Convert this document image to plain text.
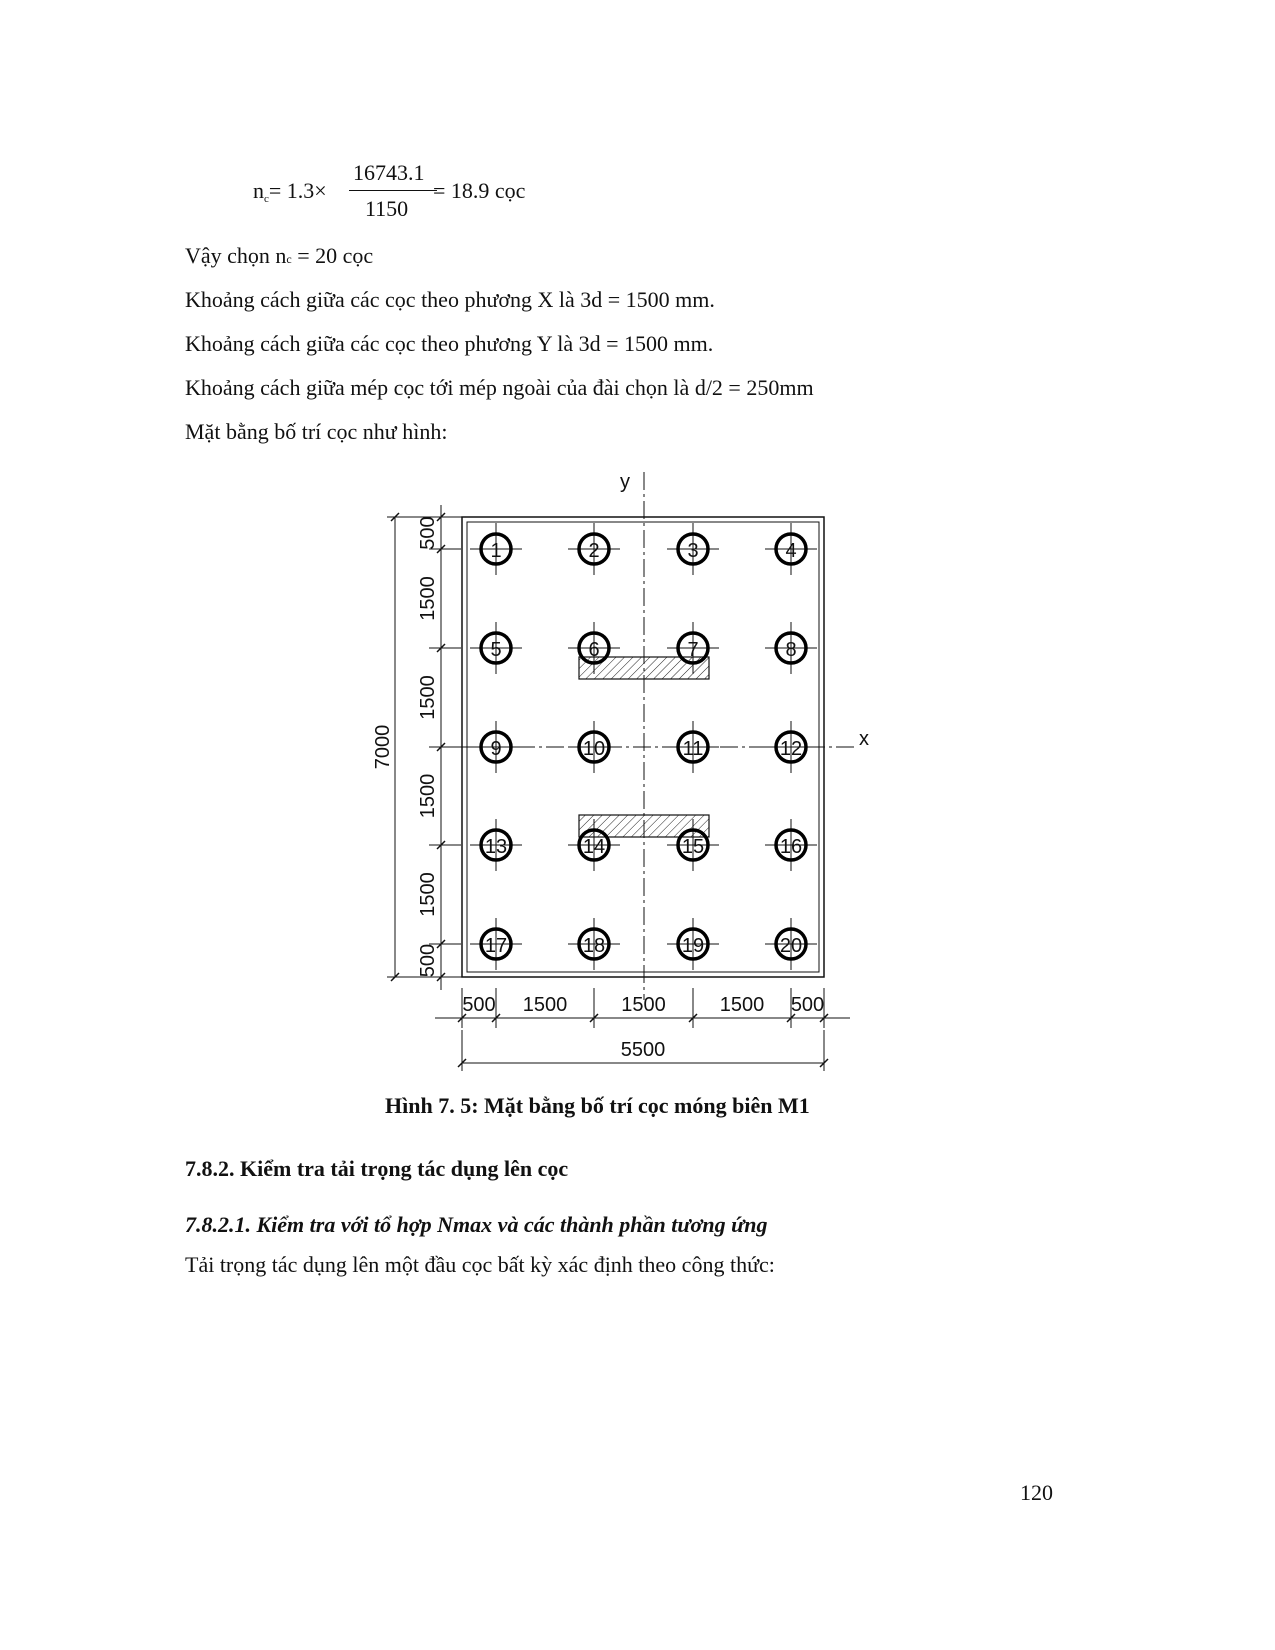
$n_c= 1.3\times$
16743.1
1150
= 18.9 cọc
Vậy chọn nc = 20 cọc
Khoảng cách giữa các cọc theo phương X là 3d = 1500 mm.
Khoảng cách giữa các cọc theo phương Y là 3d = 1500 mm.
Khoảng cách giữa mép cọc tới mép ngoài của đài chọn là d/2 = 250mm
Mặt bằng bố trí cọc như hình:
y
x
1	2	3	4
5	6	7	8
9	10	11	12
13	14	15	16
17	18	19	20
500
1500
1500
1500
1500
500
7000
500 1500	1500	1500 500
5500
Hình 7. 5: Mặt bằng bố trí cọc móng biên M1
7.8.2. Kiểm tra tải trọng tác dụng lên cọc
7.8.2.1. Kiểm tra với tổ hợp Nmax và các thành phần tương ứng
Tải trọng tác dụng lên một đầu cọc bất kỳ xác định theo công thức:
120
